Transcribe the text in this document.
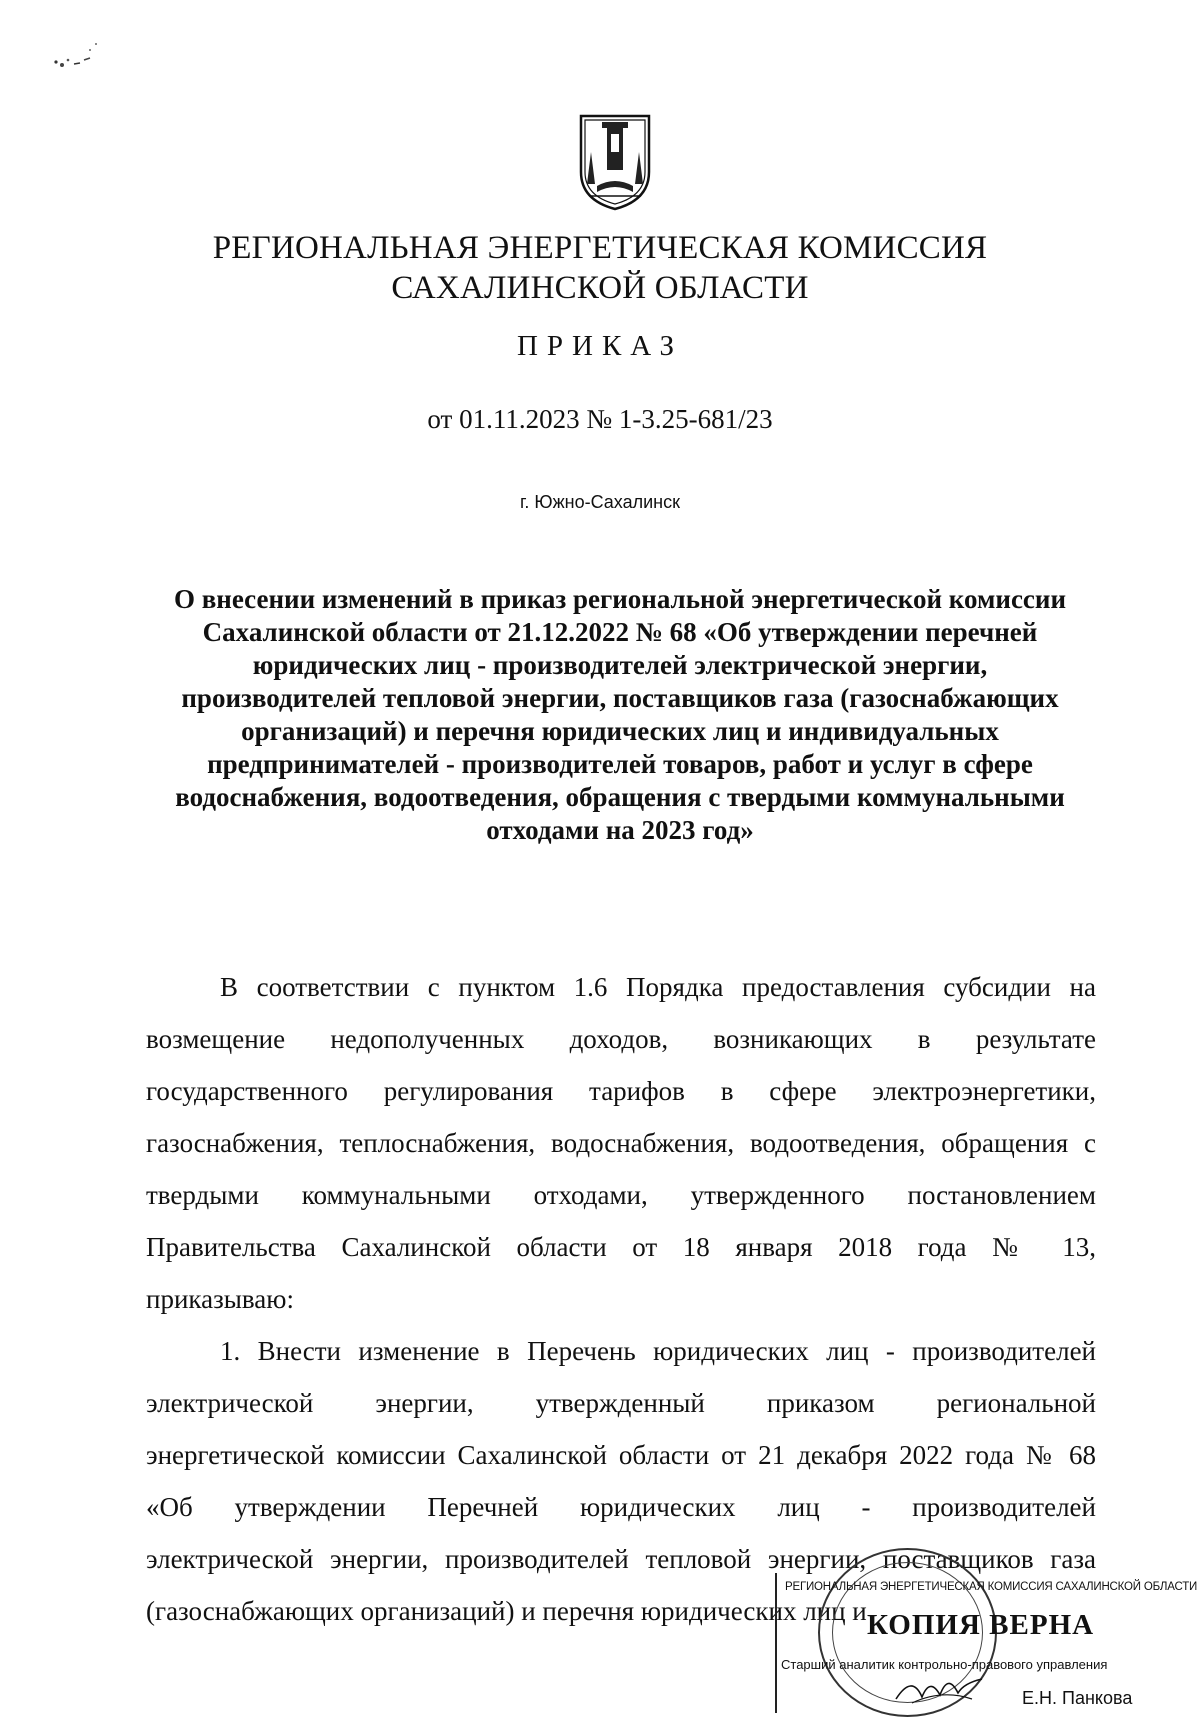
РЕГИОНАЛЬНАЯ ЭНЕРГЕТИЧЕСКАЯ КОМИССИЯ
САХАЛИНСКОЙ ОБЛАСТИ
ПРИКАЗ
от 01.11.2023 № 1-3.25-681/23
г. Южно-Сахалинск
О внесении изменений в приказ региональной энергетической комиссии
Сахалинской области от 21.12.2022 № 68 «Об утверждении перечней
юридических лиц - производителей электрической энергии,
производителей тепловой энергии, поставщиков газа (газоснабжающих
организаций) и перечня юридических лиц и индивидуальных
предпринимателей - производителей товаров, работ и услуг в сфере
водоснабжения, водоотведения, обращения с твердыми коммунальными
отходами на 2023 год»
В соответствии с пунктом 1.6 Порядка предоставления субсидии на
возмещение недополученных доходов, возникающих в результате
государственного регулирования тарифов в сфере электроэнергетики,
газоснабжения, теплоснабжения, водоснабжения, водоотведения, обращения с
твердыми коммунальными отходами, утвержденного постановлением
Правительства Сахалинской области от 18 января 2018 года № 13,
приказываю:
1. Внести изменение в Перечень юридических лиц - производителей
электрической энергии, утвержденный приказом региональной
энергетической комиссии Сахалинской области от 21 декабря 2022 года № 68
«Об утверждении Перечней юридических лиц - производителей
электрической энергии, производителей тепловой энергии, поставщиков газа
(газоснабжающих организаций) и перечня юридических лиц и
РЕГИОНАЛЬНАЯ ЭНЕРГЕТИЧЕСКАЯ КОМИССИЯ САХАЛИНСКОЙ ОБЛАСТИ
КОПИЯ ВЕРНА
Старший аналитик контрольно-правового управления
Е.Н. Панкова
